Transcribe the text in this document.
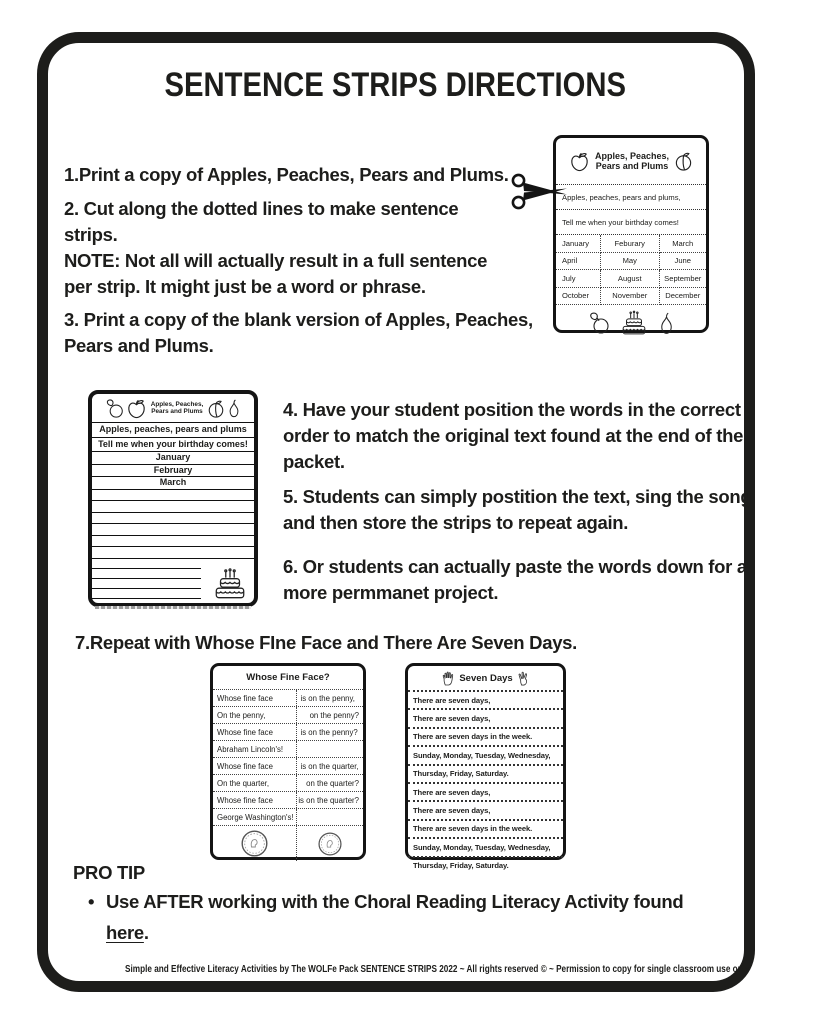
SENTENCE STRIPS DIRECTIONS

1.Print a copy of Apples, Peaches, Pears and Plums.

2. Cut along the dotted lines to make sentence strips.

NOTE: Not all will actually result in a full sentence per strip. It might just be a word or phrase.

3. Print a copy of the blank version of Apples, Peaches, Pears and Plums.

Apples, Peaches,
Pears and Plums
Apples, peaches, pears and plums,
Tell me when your birthday comes!
January	Feburary	March
April	May	June
July	August	September
October	November	December
Apples, Peaches,
Pears and Plums
Apples, peaches, pears and plums
Tell me when your birthday comes!
January
February
March

4. Have your student position the words in the correct order to match the original text found at the end of the packet.

5. Students can simply postition the text, sing the song and then store the strips to repeat again.

6. Or students can actually paste the words down for a more permmanet project.

7.Repeat with Whose FIne Face and There Are Seven Days.

Whose Fine Face?
Whose fine face	is on the penny,
On the penny,	on the penny?
Whose fine face	is on the penny?
Abraham Lincoln's!
Whose fine face	is on the quarter,
On the quarter,	on the quarter?
Whose fine face	is on the quarter?
George Washington's!
Seven Days
There are seven days,
There are seven days,
There are seven days in the week.
Sunday, Monday, Tuesday, Wednesday,
Thursday, Friday, Saturday.
There are seven days,
There are seven days,
There are seven days in the week.
Sunday, Monday, Tuesday, Wednesday,
Thursday, Friday, Saturday.

PRO TIP

• Use AFTER working with the Choral Reading Literacy Activity found
here.
Simple and Effective Literacy Activities by The WOLFe Pack SENTENCE STRIPS 2022 ~ All rights reserved © ~ Permission to copy for single classroom use only
